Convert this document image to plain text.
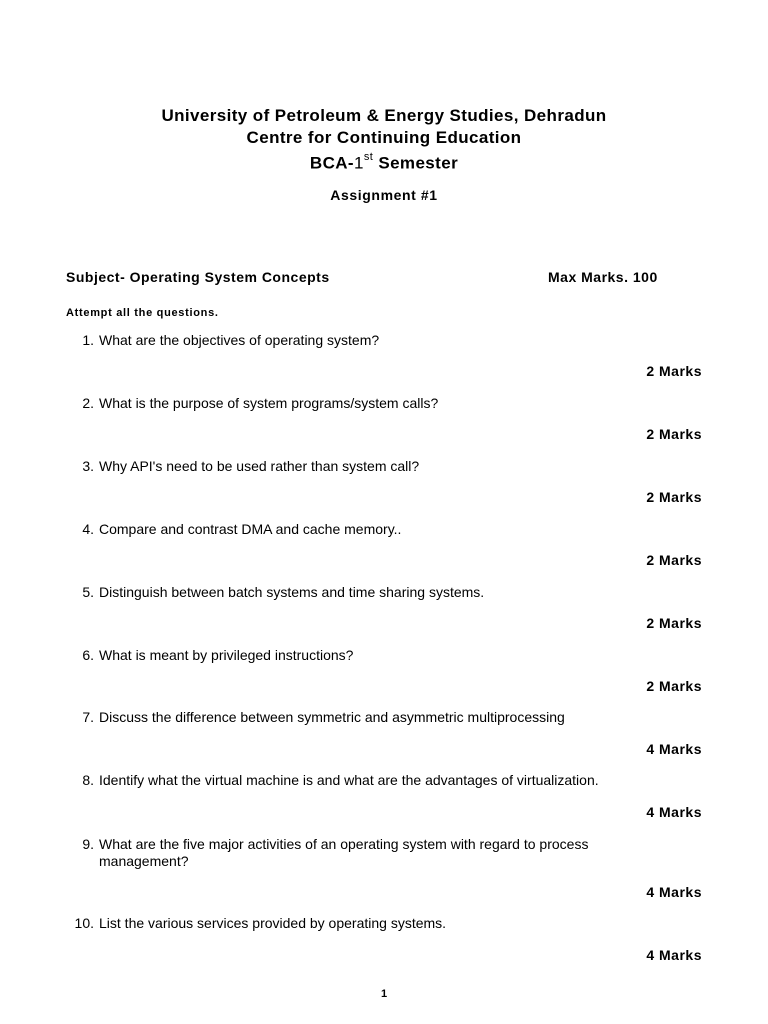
University of Petroleum & Energy Studies, Dehradun
Centre for Continuing Education
BCA-1st Semester
Assignment #1
Subject- Operating System Concepts	Max Marks. 100
Attempt all the questions.
1. What are the objectives of operating system?
2 Marks
2. What is the purpose of system programs/system calls?
2 Marks
3. Why API's need to be used rather than system call?
2 Marks
4. Compare and contrast DMA and cache memory..
2 Marks
5. Distinguish between batch systems and time sharing systems.
2 Marks
6. What is meant by privileged instructions?
2 Marks
7. Discuss the difference between symmetric and asymmetric multiprocessing
4 Marks
8. Identify what the virtual machine is and what are the advantages of virtualization.
4 Marks
9. What are the five major activities of an operating system with regard to process management?
4 Marks
10. List the various services provided by operating systems.
4 Marks
1
